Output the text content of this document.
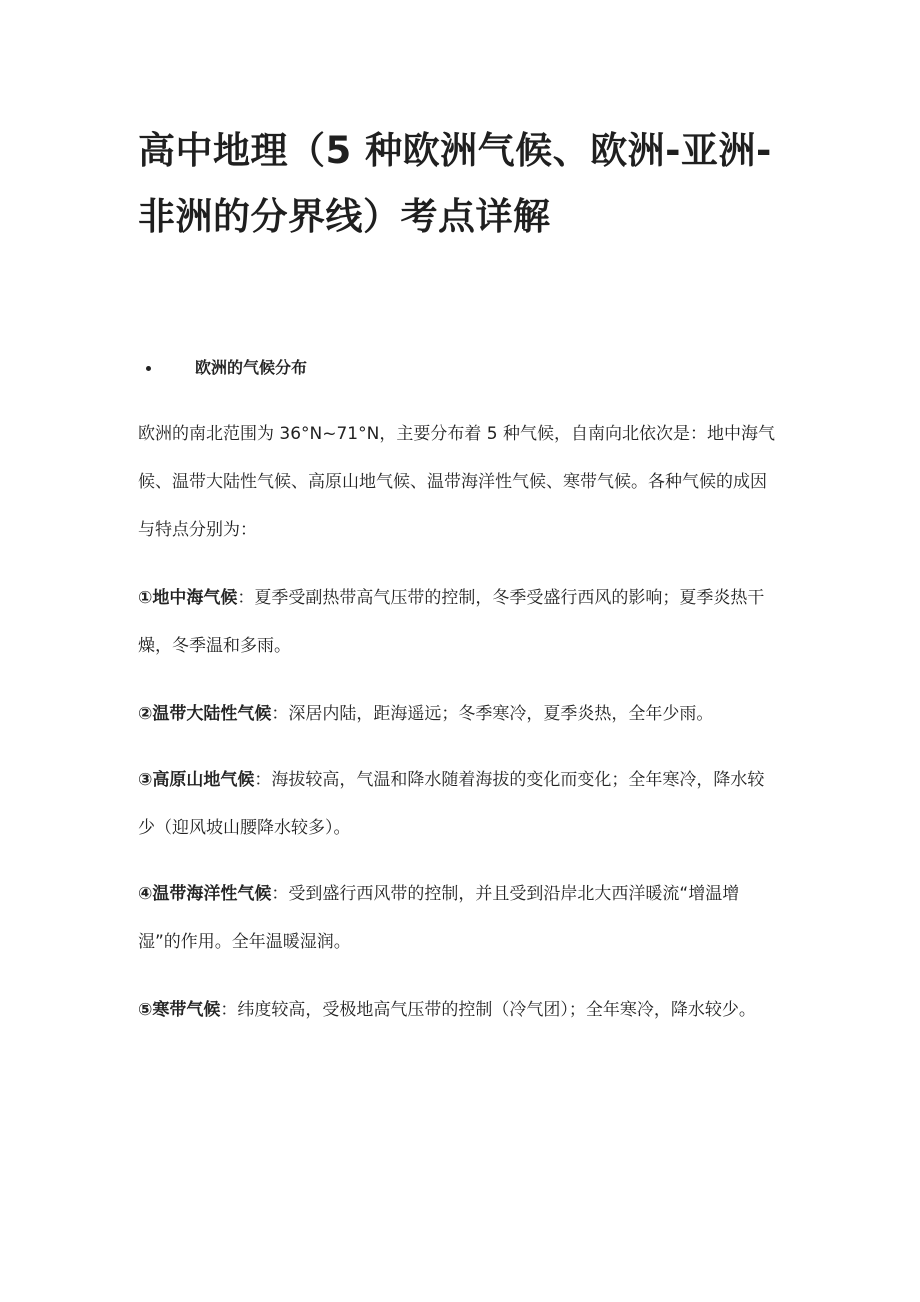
高中地理（5 种欧洲气候、欧洲-亚洲-非洲的分界线）考点详解
欧洲的气候分布

欧洲的南北范围为 36°N~71°N，主要分布着 5 种气候，自南向北依次是：地中海气候、温带大陆性气候、高原山地气候、温带海洋性气候、寒带气候。各种气候的成因与特点分别为：

①地中海气候：夏季受副热带高气压带的控制，冬季受盛行西风的影响；夏季炎热干燥，冬季温和多雨。

②温带大陆性气候：深居内陆，距海遥远；冬季寒冷，夏季炎热，全年少雨。

③高原山地气候：海拔较高，气温和降水随着海拔的变化而变化；全年寒冷，降水较少（迎风坡山腰降水较多）。

④温带海洋性气候：受到盛行西风带的控制，并且受到沿岸北大西洋暖流“增温增湿”的作用。全年温暖湿润。

⑤寒带气候：纬度较高，受极地高气压带的控制（冷气团）；全年寒冷，降水较少。
